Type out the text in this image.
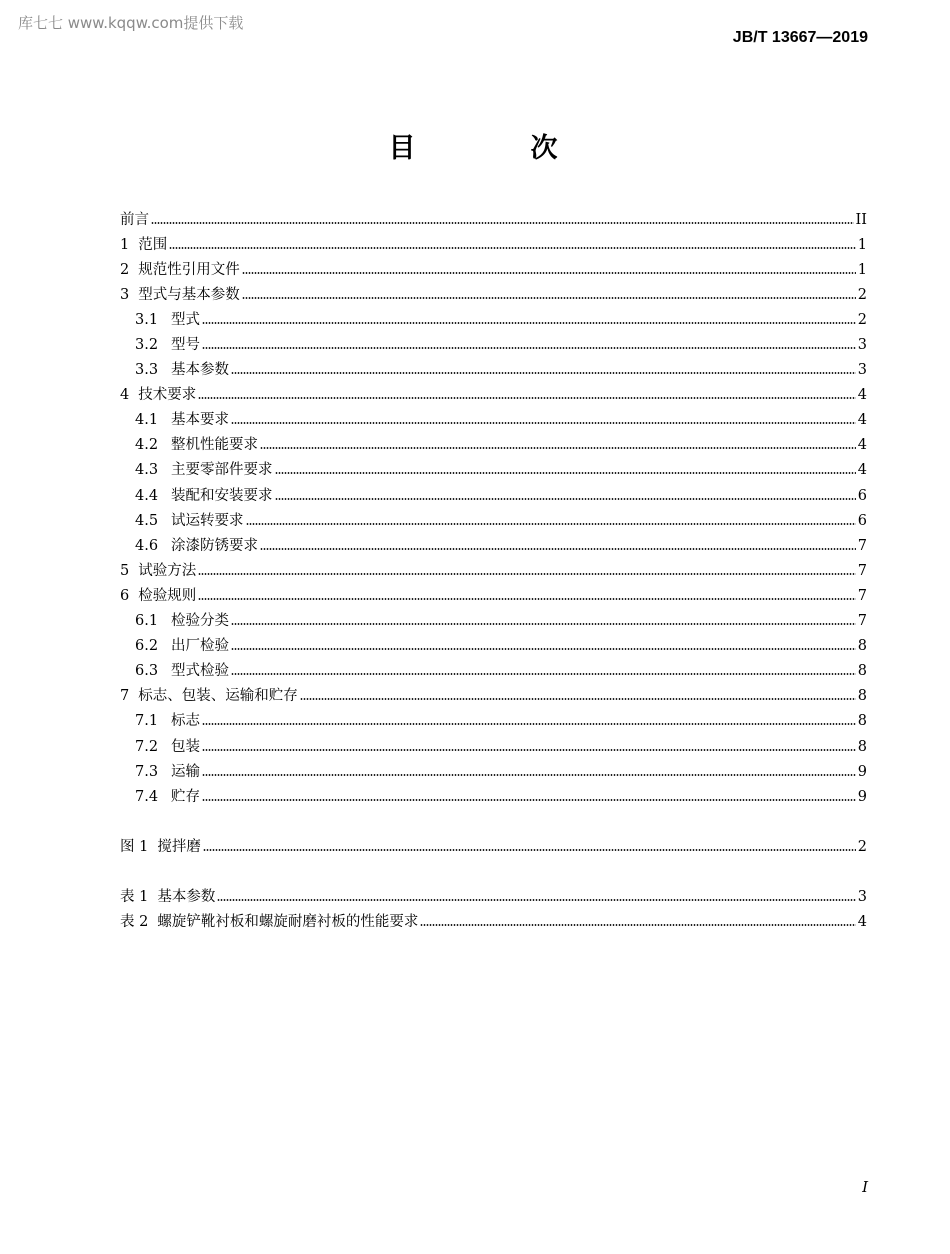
库七七 www.kqqw.com提供下载
JB/T 13667—2019
目　次
前言	II
1 范围	1
2 规范性引用文件	1
3 型式与基本参数	2
3.1 型式	2
3.2 型号	3
3.3 基本参数	3
4 技术要求	4
4.1 基本要求	4
4.2 整机性能要求	4
4.3 主要零部件要求	4
4.4 装配和安装要求	6
4.5 试运转要求	6
4.6 涂漆防锈要求	7
5 试验方法	7
6 检验规则	7
6.1 检验分类	7
6.2 出厂检验	8
6.3 型式检验	8
7 标志、包装、运输和贮存	8
7.1 标志	8
7.2 包装	8
7.3 运输	9
7.4 贮存	9
图 1 搅拌磨	2
表 1 基本参数	3
表 2 螺旋铲靴衬板和螺旋耐磨衬板的性能要求	4
I
